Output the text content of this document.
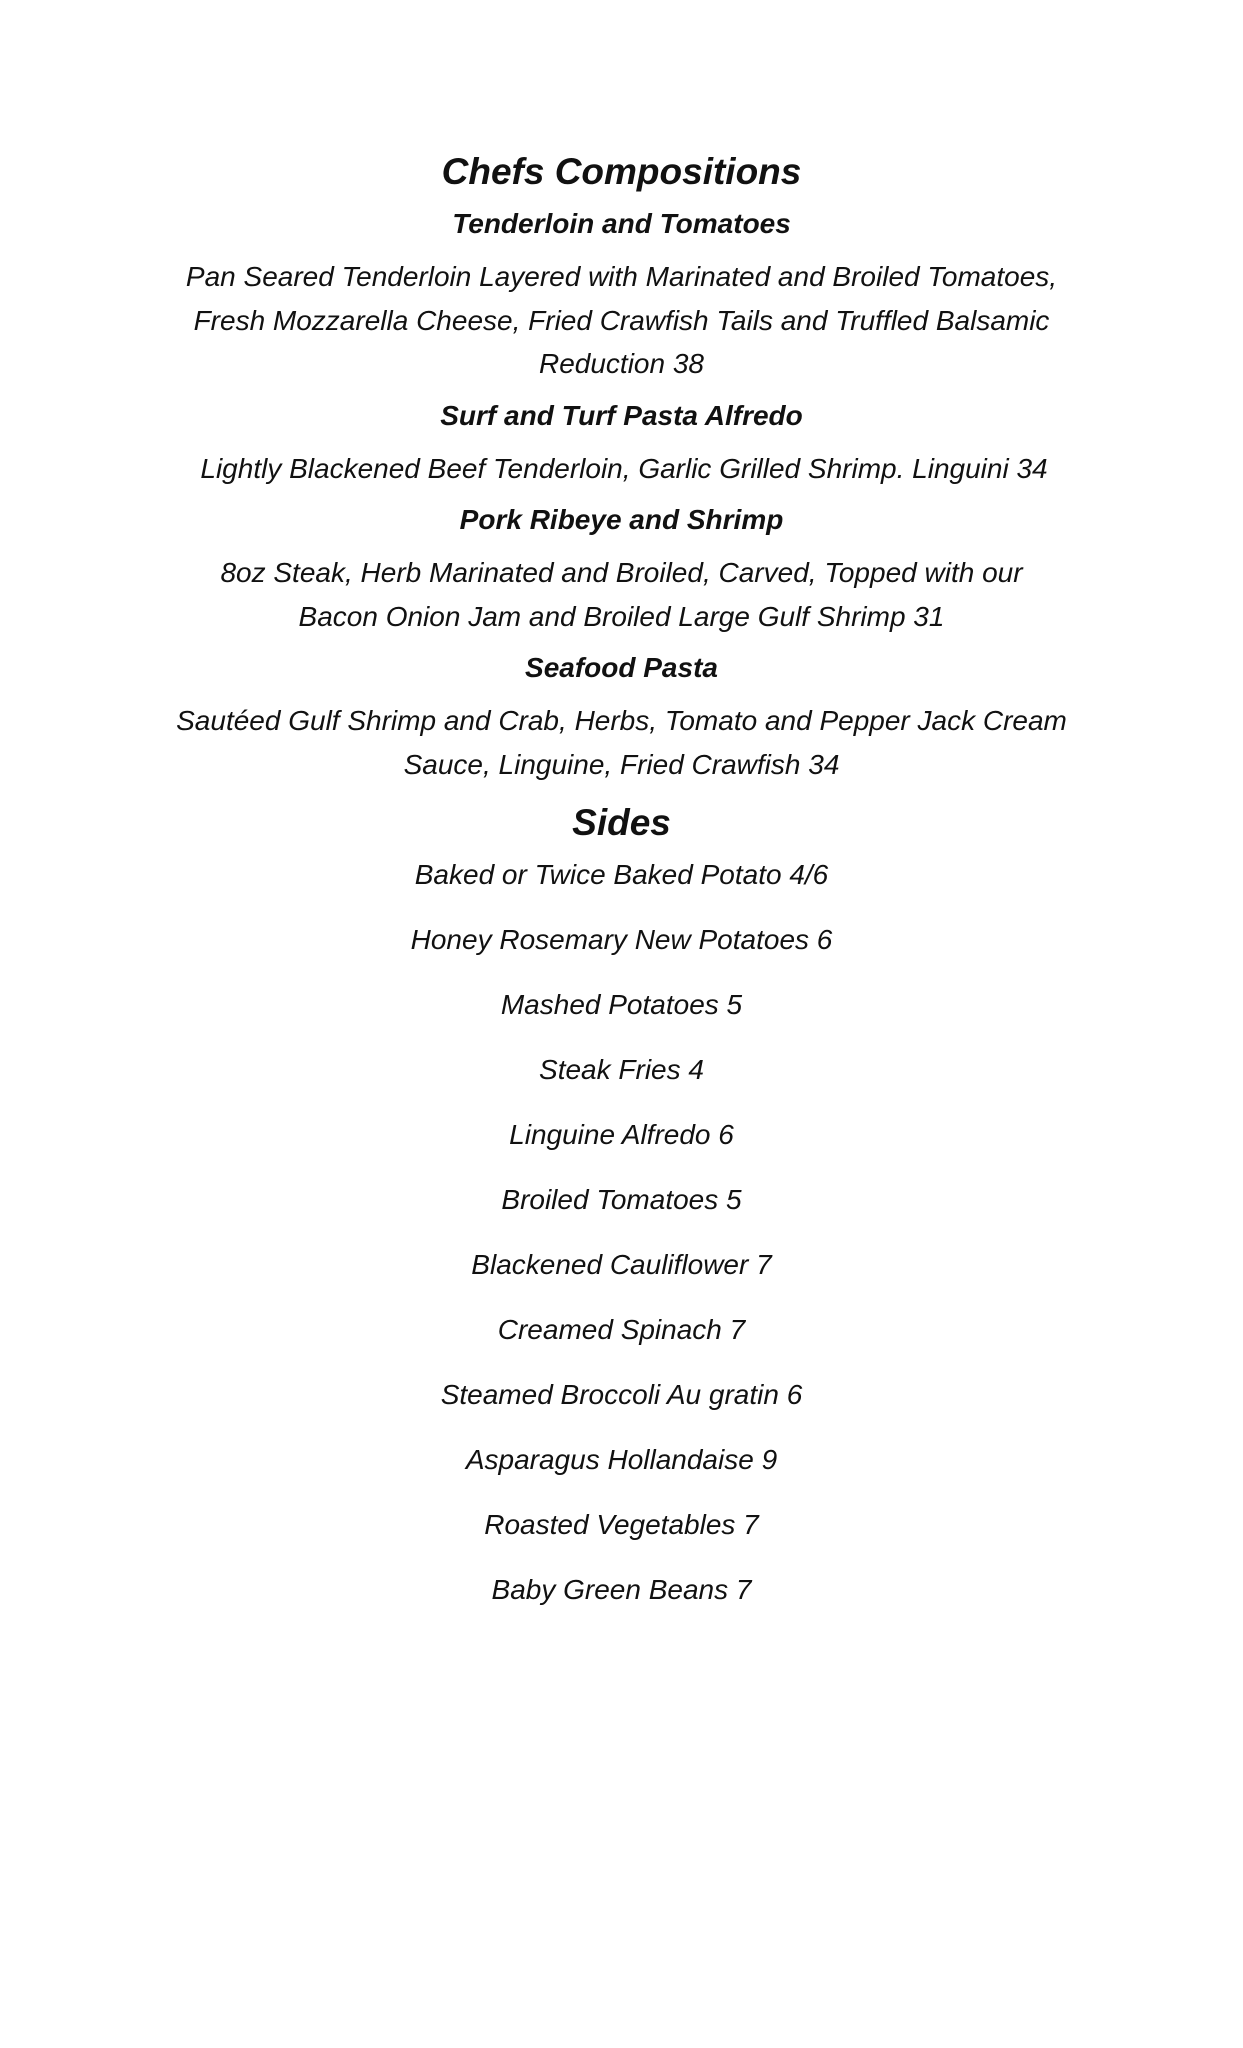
Chefs Compositions
Tenderloin and Tomatoes

Pan Seared Tenderloin Layered with Marinated and Broiled Tomatoes,
Fresh Mozzarella Cheese, Fried Crawfish Tails and Truffled Balsamic
Reduction 38

Surf and Turf Pasta Alfredo

Lightly Blackened Beef Tenderloin, Garlic Grilled Shrimp. Linguini 34

Pork Ribeye and Shrimp

8oz Steak, Herb Marinated and Broiled, Carved, Topped with our
Bacon Onion Jam and Broiled Large Gulf Shrimp 31

Seafood Pasta

Sautéed Gulf Shrimp and Crab, Herbs, Tomato and Pepper Jack Cream
Sauce, Linguine, Fried Crawfish 34

Sides
Baked or Twice Baked Potato 4/6
Honey Rosemary New Potatoes 6
Mashed Potatoes 5
Steak Fries 4
Linguine Alfredo 6
Broiled Tomatoes 5
Blackened Cauliflower 7
Creamed Spinach 7
Steamed Broccoli Au gratin 6
Asparagus Hollandaise 9
Roasted Vegetables 7
Baby Green Beans 7
